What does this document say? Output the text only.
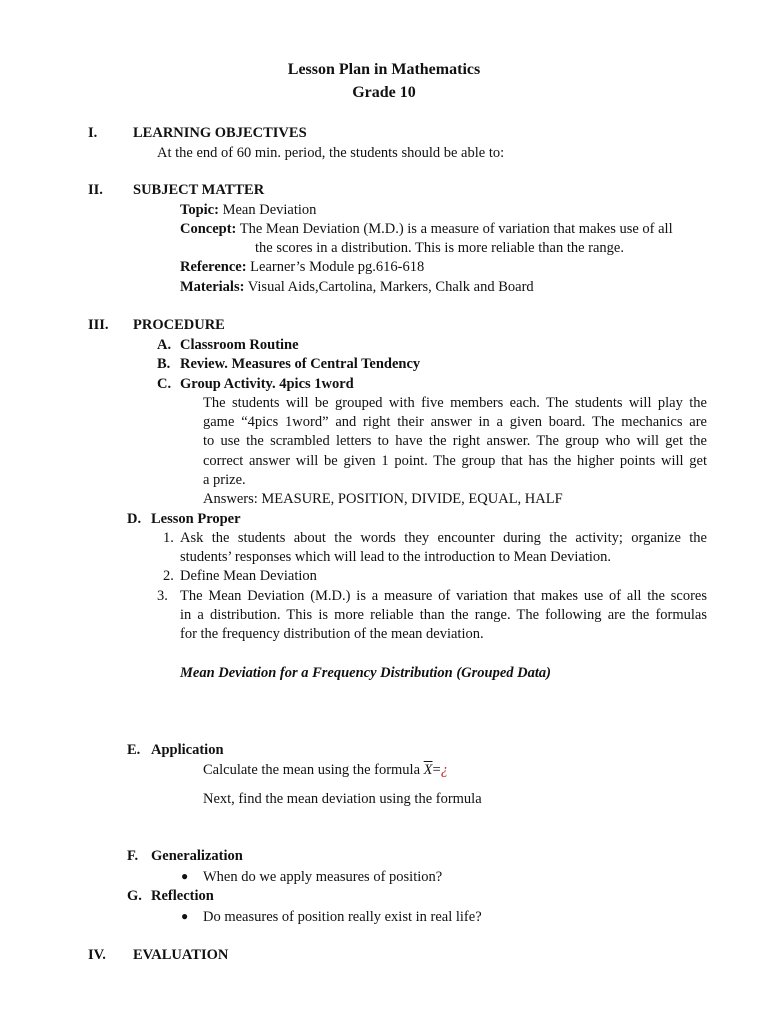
Lesson Plan in Mathematics
Grade 10
I. LEARNING OBJECTIVES
At the end of 60 min. period, the students should be able to:
II. SUBJECT MATTER
Topic: Mean Deviation
Concept: The Mean Deviation (M.D.) is a measure of variation that makes use of all
the scores in a distribution. This is more reliable than the range.
Reference: Learner’s Module pg.616-618
Materials: Visual Aids,Cartolina, Markers, Chalk and Board
III. PROCEDURE
A. Classroom Routine
B. Review. Measures of Central Tendency
C. Group Activity. 4pics 1word
The students will be grouped with five members each. The students will play the
game “4pics 1word” and right their answer in a given board. The mechanics are
to use the scrambled letters to have the right answer. The group who will get the
correct answer will be given 1 point. The group that has the higher points will get
a prize.
Answers: MEASURE, POSITION, DIVIDE, EQUAL, HALF
D. Lesson Proper
1. Ask the students about the words they encounter during the activity; organize the
students’ responses which will lead to the introduction to Mean Deviation.
2. Define Mean Deviation
3. The Mean Deviation (M.D.) is a measure of variation that makes use of all the scores
in a distribution. This is more reliable than the range. The following are the formulas
for the frequency distribution of the mean deviation.
Mean Deviation for a Frequency Distribution (Grouped Data)
E. Application
Calculate the mean using the formula $\overline{X}=¿$
Next, find the mean deviation using the formula
F. Generalization
● When do we apply measures of position?
G. Reflection
● Do measures of position really exist in real life?
IV. EVALUATION
